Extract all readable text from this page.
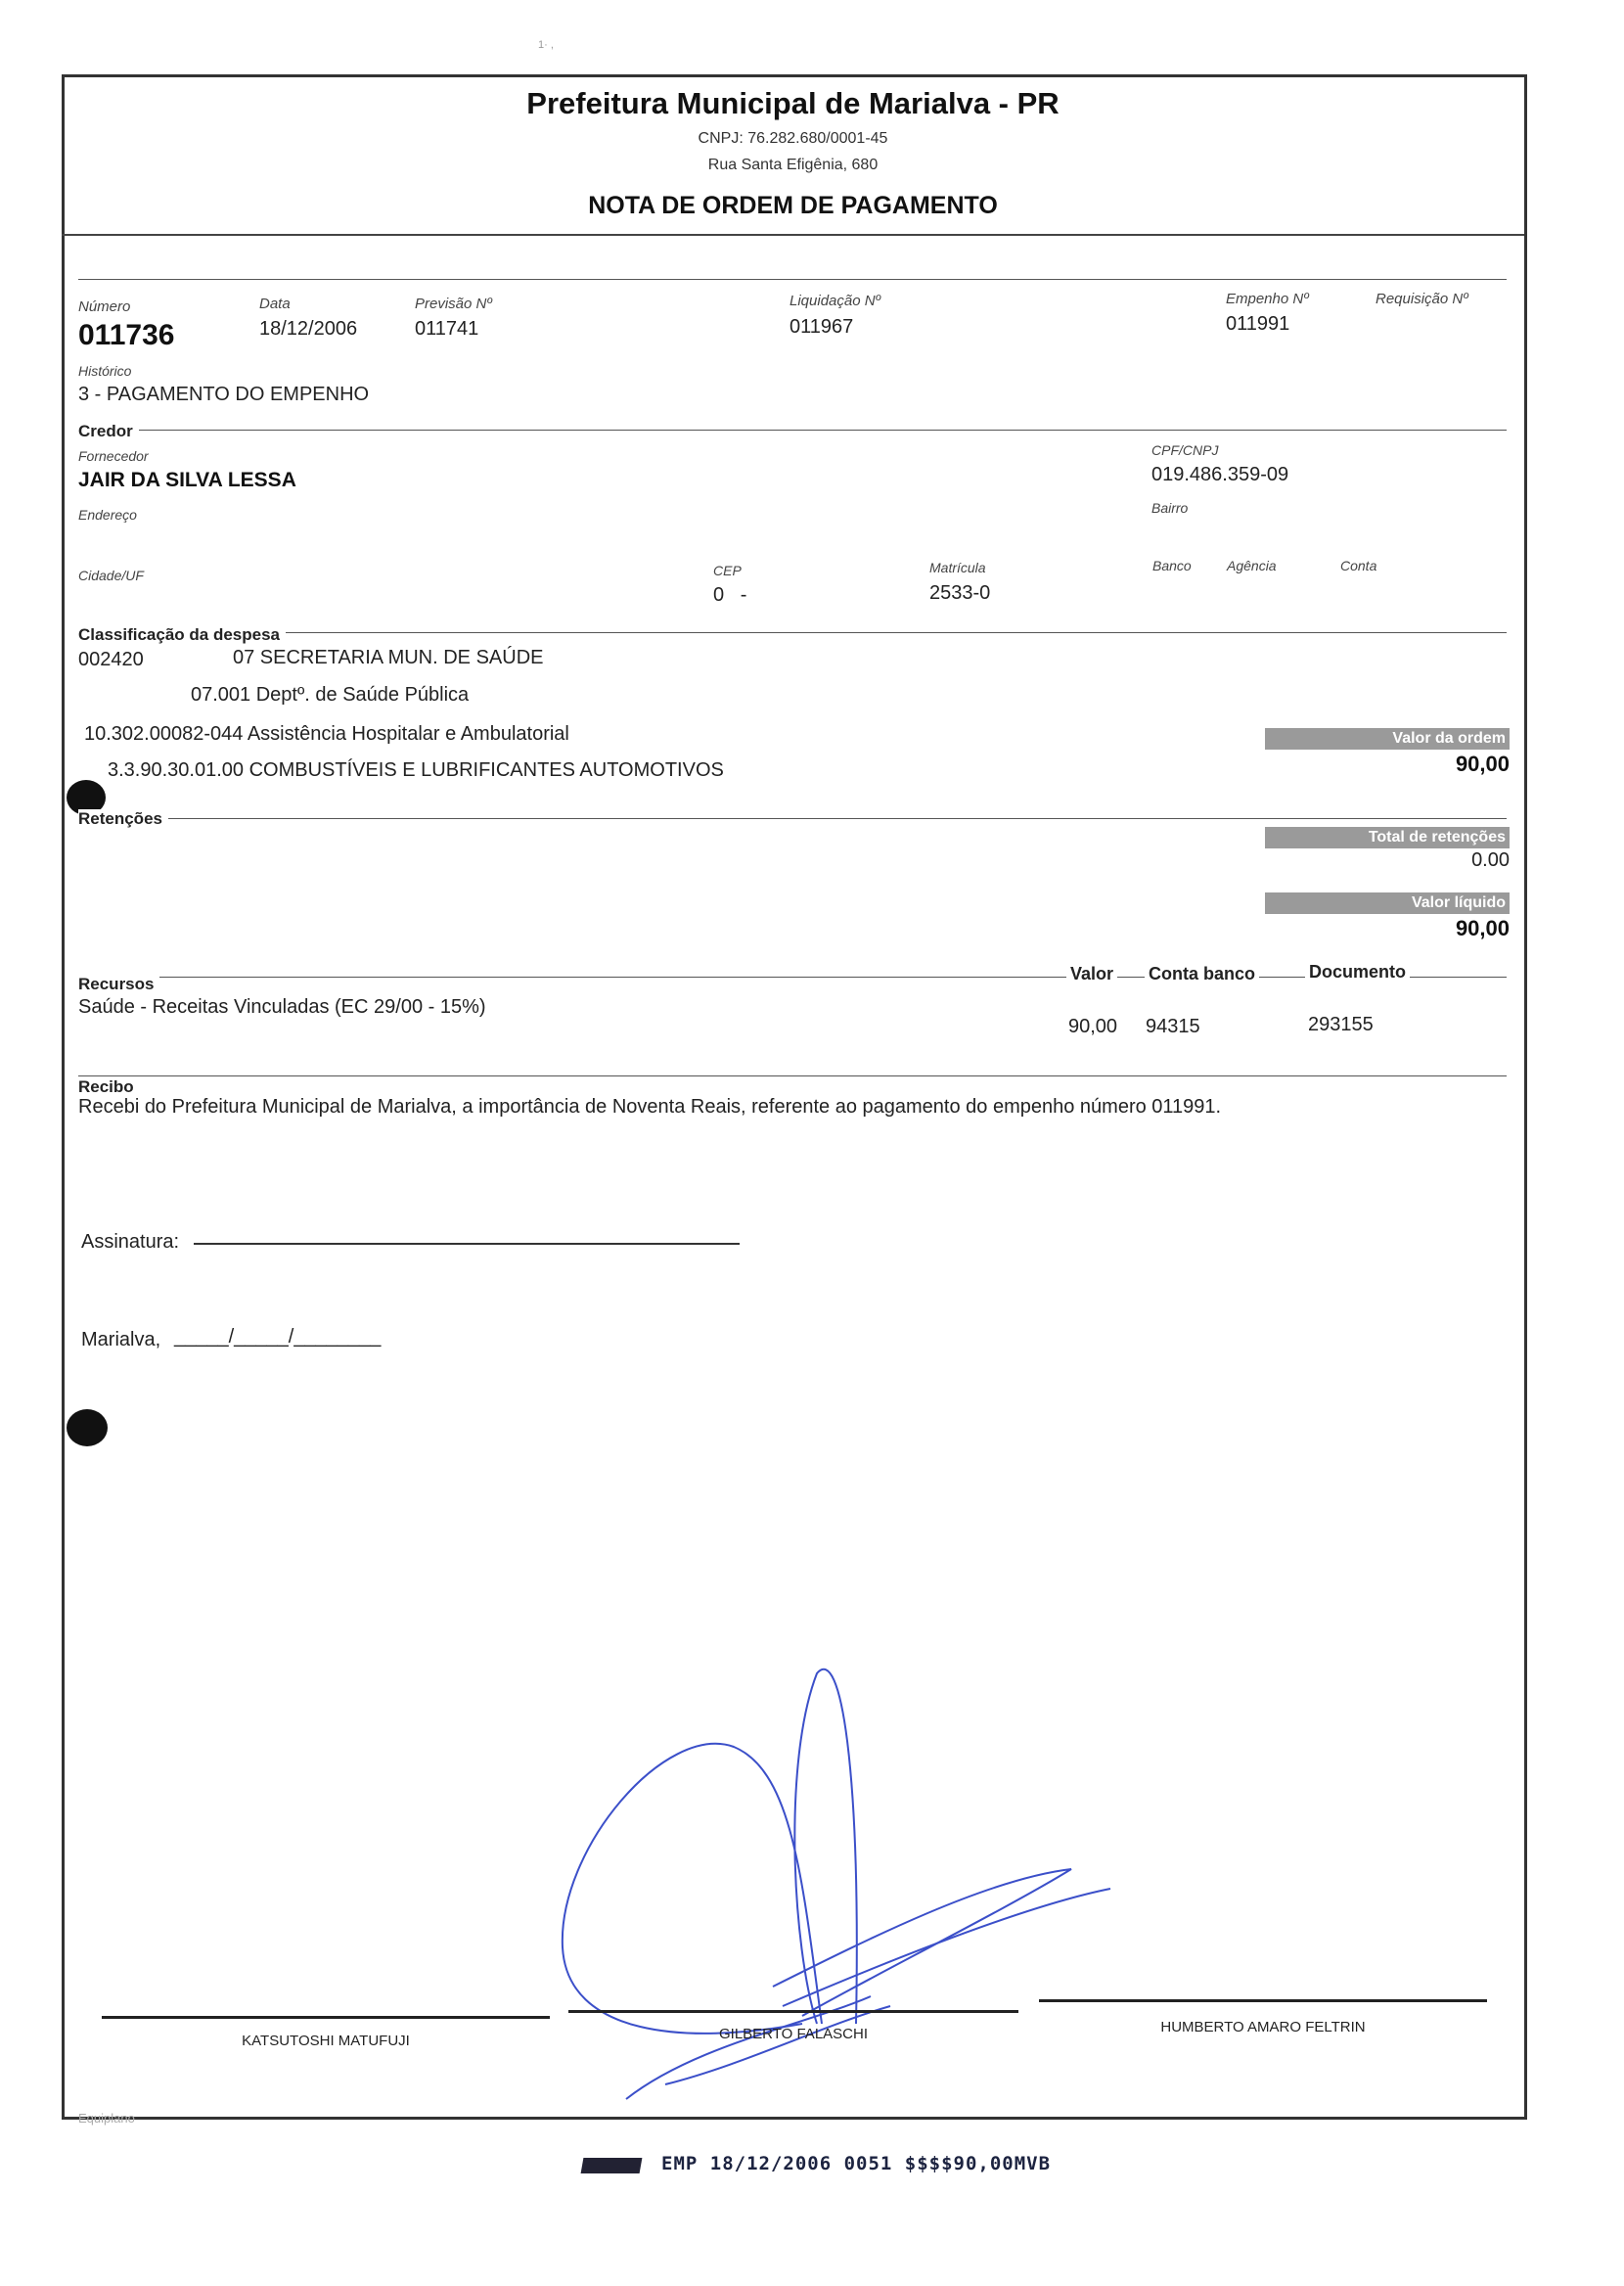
1· ,
Prefeitura Municipal de Marialva - PR
CNPJ: 76.282.680/0001-45
Rua Santa Efigênia, 680
NOTA DE ORDEM DE PAGAMENTO
Número
011736
Data
18/12/2006
Previsão Nº
011741
Liquidação Nº
011967
Empenho Nº
011991
Requisição Nº
Histórico
3 - PAGAMENTO DO EMPENHO
Credor
Fornecedor
JAIR DA SILVA LESSA
CPF/CNPJ
019.486.359-09
Endereço	Bairro
Cidade/UF	CEP
0   -
Matrícula
2533-0
Banco	Agência	Conta
Classificação da despesa
002420	07 SECRETARIA MUN. DE SAÚDE
07.001 Deptº. de Saúde Pública
10.302.00082-044 Assistência Hospitalar e Ambulatorial
3.3.90.30.01.00 COMBUSTÍVEIS E LUBRIFICANTES AUTOMOTIVOS
Valor da ordem
90,00
Retenções
Total de retenções
0.00
Valor líquido
90,00
Recursos
Valor Conta banco	Documento
Saúde - Receitas Vinculadas (EC 29/00 - 15%)
90,00 94315	293155
Recibo
Recebi do Prefeitura Municipal de Marialva, a importância de Noventa Reais, referente ao pagamento do empenho número 011991.
Assinatura:
Marialva, _____/_____/________
KATSUTOSHI MATUFUJI	GILBERTO FALASCHI	HUMBERTO AMARO FELTRIN
Equiplano
EMP 18/12/2006 0051 $$$$90,00MVB
